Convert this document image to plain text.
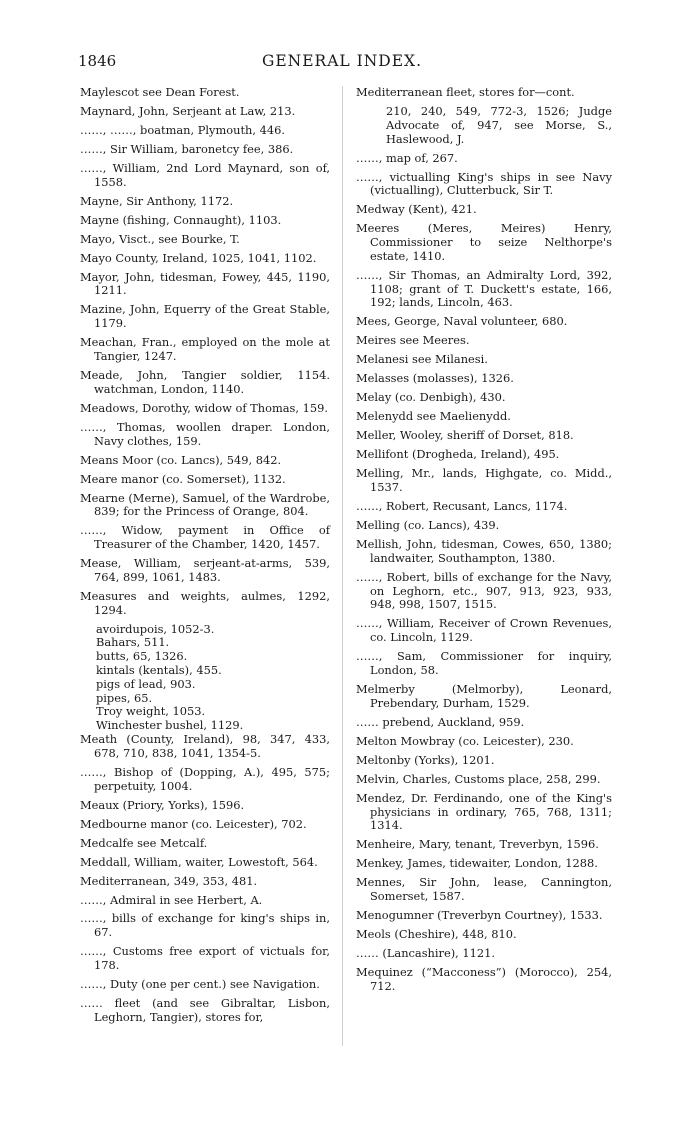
1846	GENERAL INDEX.
Maylescot see Dean Forest.
Maynard, John, Serjeant at Law, 213.
……, ……, boatman, Plymouth, 446.
……, Sir William, baronetcy fee, 386.
……, William, 2nd Lord Maynard, son of, 1558.
Mayne, Sir Anthony, 1172.
Mayne (fishing, Connaught), 1103.
Mayo, Visct., see Bourke, T.
Mayo County, Ireland, 1025, 1041, 1102.
Mayor, John, tidesman, Fowey, 445, 1190, 1211.
Mazine, John, Equerry of the Great Stable, 1179.
Meachan, Fran., employed on the mole at Tangier, 1247.
Meade, John, Tangier soldier, 1154. watchman, London, 1140.
Meadows, Dorothy, widow of Thomas, 159.
……, Thomas, woollen draper. London, Navy clothes, 159.
Means Moor (co. Lancs), 549, 842.
Meare manor (co. Somerset), 1132.
Mearne (Merne), Samuel, of the Wardrobe, 839; for the Princess of Orange, 804.
……, Widow, payment in Office of Treasurer of the Chamber, 1420, 1457.
Mease, William, serjeant-at-arms, 539, 764, 899, 1061, 1483.
Measures and weights, aulmes, 1292, 1294.
avoirdupois, 1052-3.
Bahars, 511.
butts, 65, 1326.
kintals (kentals), 455.
pigs of lead, 903.
pipes, 65.
Troy weight, 1053.
Winchester bushel, 1129.
Meath (County, Ireland), 98, 347, 433, 678, 710, 838, 1041, 1354-5.
……, Bishop of (Dopping, A.), 495, 575; perpetuity, 1004.
Meaux (Priory, Yorks), 1596.
Medbourne manor (co. Leicester), 702.
Medcalfe see Metcalf.
Meddall, William, waiter, Lowestoft, 564.
Mediterranean, 349, 353, 481.
……, Admiral in see Herbert, A.
……, bills of exchange for king's ships in, 67.
……, Customs free export of victuals for, 178.
……, Duty (one per cent.) see Navigation.
…… fleet (and see Gibraltar, Lisbon, Leghorn, Tangier), stores for,
Mediterranean fleet, stores for—cont.
210, 240, 549, 772-3, 1526; Judge Advocate of, 947, see Morse, S., Haslewood, J.
……, map of, 267.
……, victualling King's ships in see Navy (victualling), Clutterbuck, Sir T.
Medway (Kent), 421.
Meeres (Meres, Meires) Henry, Commissioner to seize Nelthorpe's estate, 1410.
……, Sir Thomas, an Admiralty Lord, 392, 1108; grant of T. Duckett's estate, 166, 192; lands, Lincoln, 463.
Mees, George, Naval volunteer, 680.
Meires see Meeres.
Melanesi see Milanesi.
Melasses (molasses), 1326.
Melay (co. Denbigh), 430.
Melenydd see Maelienydd.
Meller, Wooley, sheriff of Dorset, 818.
Mellifont (Drogheda, Ireland), 495.
Melling, Mr., lands, Highgate, co. Midd., 1537.
……, Robert, Recusant, Lancs, 1174.
Melling (co. Lancs), 439.
Mellish, John, tidesman, Cowes, 650, 1380; landwaiter, Southampton, 1380.
……, Robert, bills of exchange for the Navy, on Leghorn, etc., 907, 913, 923, 933, 948, 998, 1507, 1515.
……, William, Receiver of Crown Revenues, co. Lincoln, 1129.
……, Sam, Commissioner for inquiry, London, 58.
Melmerby (Melmorby), Leonard, Prebendary, Durham, 1529.
…… prebend, Auckland, 959.
Melton Mowbray (co. Leicester), 230.
Meltonby (Yorks), 1201.
Melvin, Charles, Customs place, 258, 299.
Mendez, Dr. Ferdinando, one of the King's physicians in ordinary, 765, 768, 1311; 1314.
Menheire, Mary, tenant, Treverbyn, 1596.
Menkey, James, tidewaiter, London, 1288.
Mennes, Sir John, lease, Cannington, Somerset, 1587.
Menogumner (Treverbyn Courtney), 1533.
Meols (Cheshire), 448, 810.
…… (Lancashire), 1121.
Mequinez (“Macconess”) (Morocco), 254, 712.
